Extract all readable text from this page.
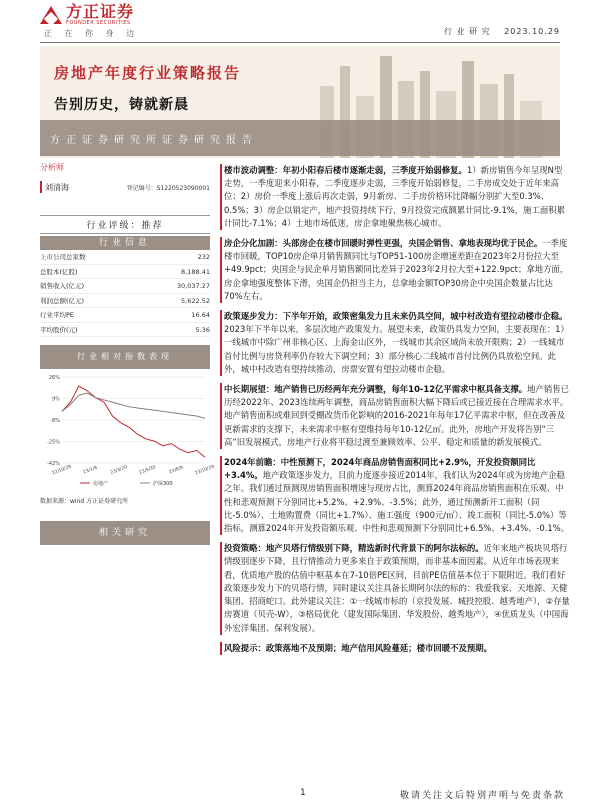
方正证券
FOUNDER SECURITIES
正 在 你 身 边	行 业 研 究 2023.10.29
房地产年度行业策略报告
告别历史，铸就新晨
方正证券研究所证券研究报告
分析师
刘清海	登记编号：S1220523090001
行业评级：推荐
行业信息
上市公司总家数	232
总股本(亿股)	8,188.41
销售收入(亿元)	30,037.27
利润总额(亿元)	5,622.52
行业平均PE	16.64
平均股价(元)	5.36
行业相对指数表现
26%
9%
-8%
-25%
-42%
22/10/29 23/1/8	23/3/20 23/5/30	23/8/9 23/10/29
房地产	沪深300
数据来源：wind 方正证券研究所
相关研究
楼市波动调整：年初小阳春后楼市逐渐走弱，三季度开始弱修复。1）新房销售今年呈现N型走势，一季度迎来小阳春，二季度逐步走弱，三季度开始弱修复，二手房成交处于近年来高位；2）房价一季度上涨后再次走弱，9月新房、二手房价格环比降幅分别扩大至0.3%、0.5%；3）房企以销定产，地产投资持续下行，9月投资完成额累计同比-9.1%，施工面积累计同比-7.1%；4）土地市场低迷，房企拿地聚焦核心城市。
房企分化加剧：头部房企在楼市回暖时弹性更强，央国企销售、拿地表现均优于民企。一季度楼市回暖，TOP10房企单月销售额同比与TOP51-100房企增速差距在2023年2月份拉大至+49.9pct；央国企与民企单月销售额同比差异于2023年2月拉大至+122.9pct；拿地方面，房企拿地强度整体下滑，央国企仍担当主力，总拿地金额TOP30房企中央国企数量占比达70%左右。
政策逐步发力：下半年开始，政策密集发力且未来仍具空间，城中村改造有望拉动楼市企稳。2023年下半年以来，多层次地产政策发力。展望未来，政策仍具发力空间，主要表现在：1）一线城市中除广州非核心区、上海金山区外，一线城市其余区域尚未放开限购；2）一线城市首付比例与房贷利率仍存较大下调空间；3）部分核心二线城市首付比例仍具放松空间。此外，城中村改造有望持续推动，房票安置有望拉动楼市企稳。
中长期展望：地产销售已历经两年充分调整，每年10-12亿平需求中枢具备支撑。地产销售已历经2022年、2023连续两年调整，商品房销售面积大幅下降后或已接近接在合理需求水平。地产销售面积或难回到受棚改货币化影响的2016-2021年每年17亿平需求中枢，但在改善及更新需求的支撑下，未来需求中枢有望维持每年10-12亿㎡。此外，房地产开发将告别“三高”旧发展模式，房地产行业将平稳过渡至兼顾效率、公平、稳定和质量的新发展模式。
2024年前瞻：中性预测下，2024年商品房销售面积同比+2.9%，开发投资额同比+3.4%。地产政策逐步发力，目前力度逐步接近2014年，我们认为2024年或为房地产企稳之年。我们通过预测现房销售面积增速与现房占比，测算2024年商品房销售面积在乐观、中性和悲观预测下分别同比+5.2%、+2.9%、-3.5%；此外，通过预测新开工面积（同比-5.0%）、土地购置费（同比+1.7%）、施工强度（900元/㎡）、竣工面积（同比-5.0%）等指标，测算2024年开发投资额乐观、中性和悲观预测下分别同比+6.5%、+3.4%、-0.1%。
投资策略：地产贝塔行情级别下降，精选新时代背景下的阿尔法标的。近年来地产板块贝塔行情级别逐步下降，且行情推动力更多来自于政策预期，而非基本面因素。从近年市场表现来看，优质地产股的估值中枢基本在7-10倍PE区间，目前PE估值基本位于下限附近。我们看好政策逐步发力下的贝塔行情，同时建议关注具备长期阿尔法的标的：我爱我家、天地源、天健集团、招商蛇口。此外建议关注：①一线城市标的（京投发展、城投控股、越秀地产），②存量房赛道（贝壳-W），③格局优化（建发国际集团、华发股份、越秀地产），④优质龙头（中国海外宏洋集团、保利发展）。
风险提示：政策落地不及预期；地产信用风险蔓延；楼市回暖不及预期。
1	敬请关注文后特别声明与免责条款
